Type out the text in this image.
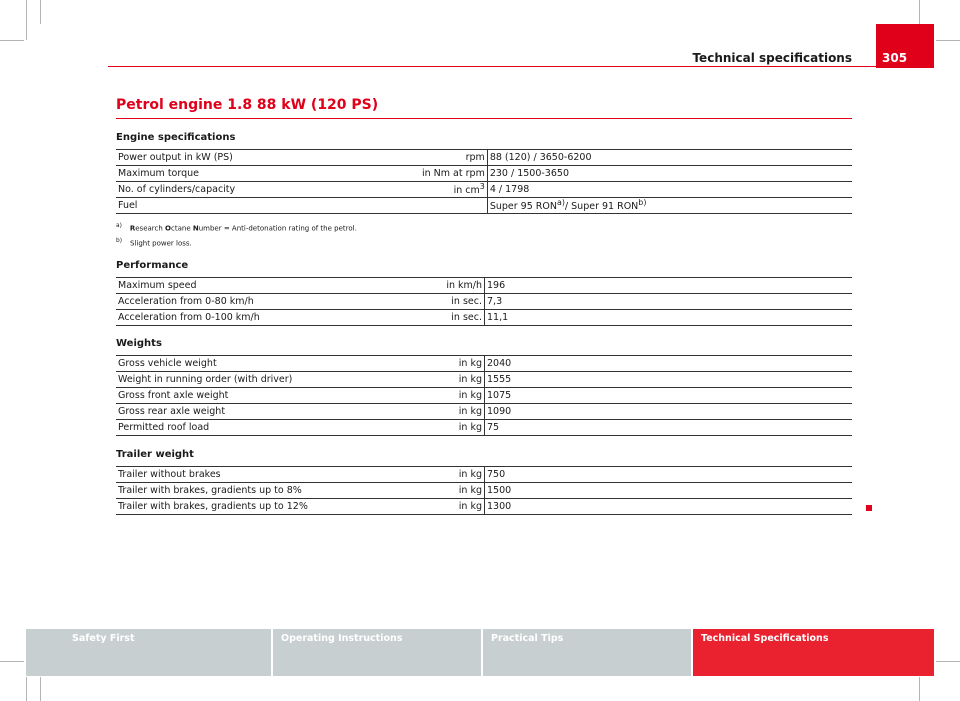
Technical specifications	305
Petrol engine 1.8 88 kW (120 PS)
Engine specifications
Power output in kW (PS)	rpm	88 (120) / 3650-6200
Maximum torque	in Nm at rpm	230 / 1500-3650
No. of cylinders/capacity	in $cm^3$	4 / 1798
Fuel		Super 95 RON$^{a)}$/ Super 91 RON$^{b)}$
$^{a)}$ Research Octane Number = Anti-detonation rating of the petrol.
$^{b)}$ Slight power loss.
Performance
Maximum speed	in km/h	196
Acceleration from 0-80 km/h	in sec.	7,3
Acceleration from 0-100 km/h	in sec.	11,1
Weights
Gross vehicle weight	in kg	2040
Weight in running order (with driver)	in kg	1555
Gross front axle weight	in kg	1075
Gross rear axle weight	in kg	1090
Permitted roof load	in kg	75
Trailer weight
Trailer without brakes	in kg	750
Trailer with brakes, gradients up to 8%	in kg	1500
Trailer with brakes, gradients up to 12%	in kg	1300
Safety First	Operating Instructions	Practical Tips	Technical Specifications
